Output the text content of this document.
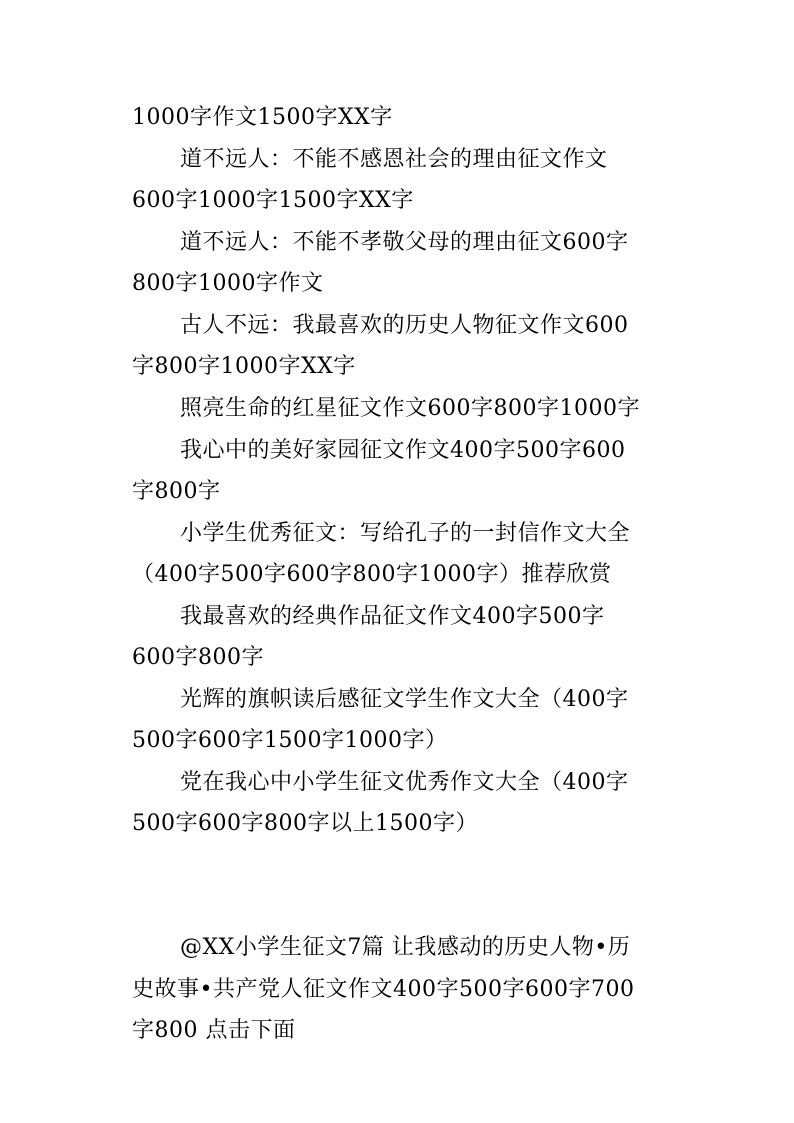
1000字作文1500字XX字
道不远人：不能不感恩社会的理由征文作文
600字1000字1500字XX字
道不远人：不能不孝敬父母的理由征文600字
800字1000字作文
古人不远：我最喜欢的历史人物征文作文600
字800字1000字XX字
照亮生命的红星征文作文600字800字1000字
我心中的美好家园征文作文400字500字600
字800字
小学生优秀征文：写给孔子的一封信作文大全
（400字500字600字800字1000字）推荐欣赏
我最喜欢的经典作品征文作文400字500字
600字800字
光辉的旗帜读后感征文学生作文大全（400字
500字600字1500字1000字）
党在我心中小学生征文优秀作文大全（400字
500字600字800字以上1500字）
@XX小学生征文7篇 让我感动的历史人物•历
史故事•共产党人征文作文400字500字600字700
字800 点击下面
